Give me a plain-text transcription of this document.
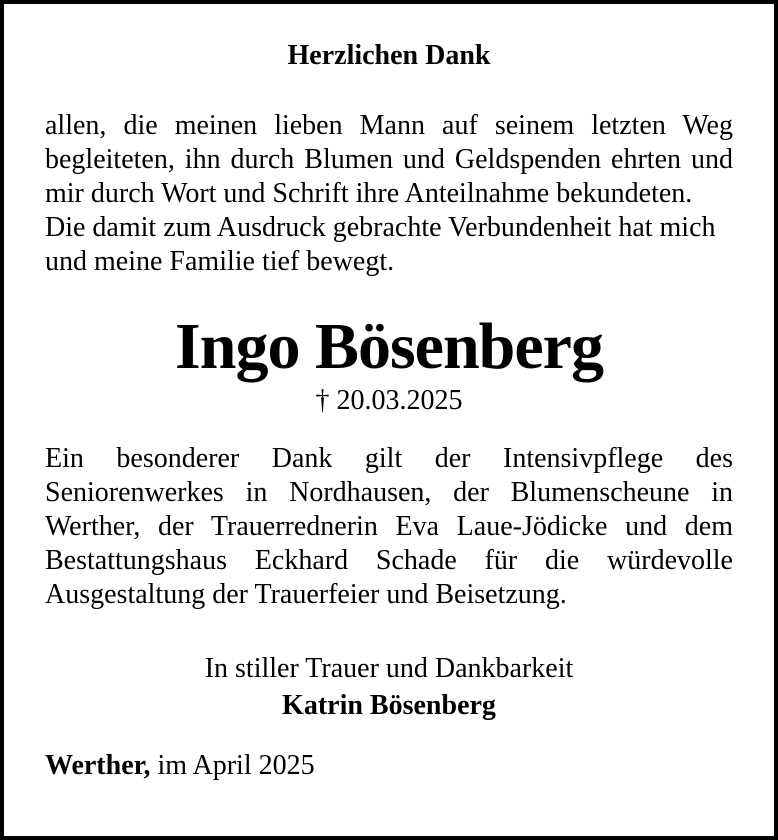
Herzlichen Dank
allen, die meinen lieben Mann auf seinem letzten Weg
begleiteten, ihn durch Blumen und Geldspenden ehrten und
mir durch Wort und Schrift ihre Anteilnahme bekundeten.
Die damit zum Ausdruck gebrachte Verbundenheit hat mich
und meine Familie tief bewegt.
Ingo Bösenberg
† 20.03.2025
Ein besonderer Dank gilt der Intensivpflege des
Seniorenwerkes in Nordhausen, der Blumenscheune in
Werther, der Trauerrednerin Eva Laue-Jödicke und dem
Bestattungshaus Eckhard Schade für die würdevolle
Ausgestaltung der Trauerfeier und Beisetzung.
In stiller Trauer und Dankbarkeit
Katrin Bösenberg
Werther, im April 2025
